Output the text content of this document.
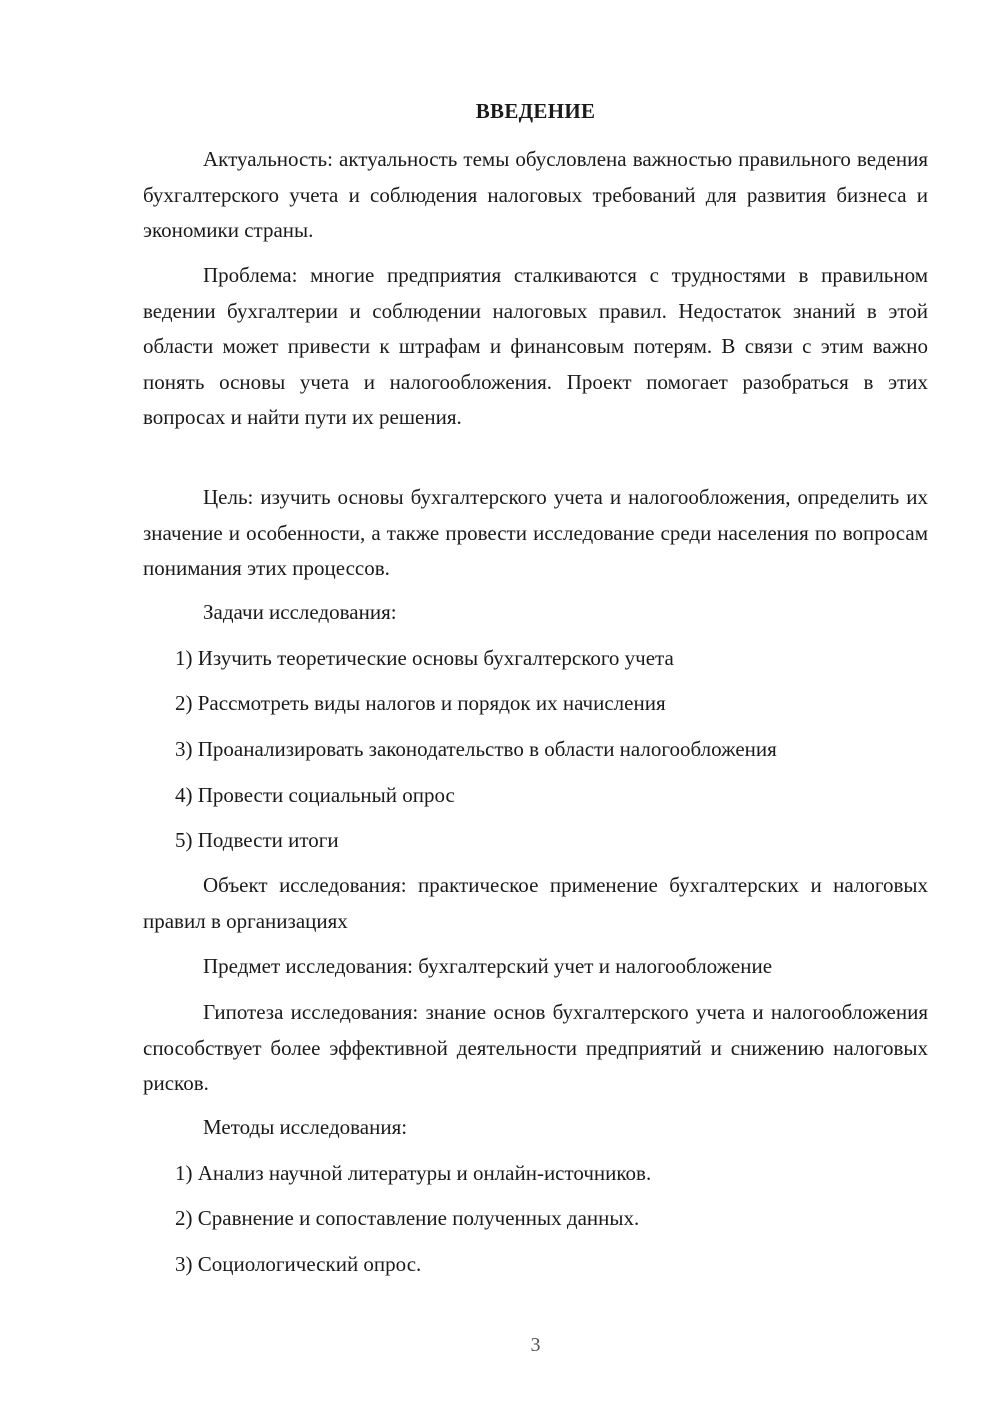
ВВЕДЕНИЕ

Актуальность: актуальность темы обусловлена важностью правильного ведения бухгалтерского учета и соблюдения налоговых требований для развития бизнеса и экономики страны.

Проблема: многие предприятия сталкиваются с трудностями в правильном ведении бухгалтерии и соблюдении налоговых правил. Недостаток знаний в этой области может привести к штрафам и финансовым потерям. В связи с этим важно понять основы учета и налогообложения. Проект помогает разобраться в этих вопросах и найти пути их решения.

Цель: изучить основы бухгалтерского учета и налогообложения, определить их значение и особенности, а также провести исследование среди населения по вопросам понимания этих процессов.

Задачи исследования:

1) Изучить теоретические основы бухгалтерского учета

2) Рассмотреть виды налогов и порядок их начисления

3) Проанализировать законодательство в области налогообложения

4) Провести социальный опрос

5) Подвести итоги

Объект исследования: практическое применение бухгалтерских и налоговых правил в организациях

Предмет исследования: бухгалтерский учет и налогообложение

Гипотеза исследования: знание основ бухгалтерского учета и налогообложения способствует более эффективной деятельности предприятий и снижению налоговых рисков.

Методы исследования:

1) Анализ научной литературы и онлайн-источников.

2) Сравнение и сопоставление полученных данных.

3) Социологический опрос.

3
